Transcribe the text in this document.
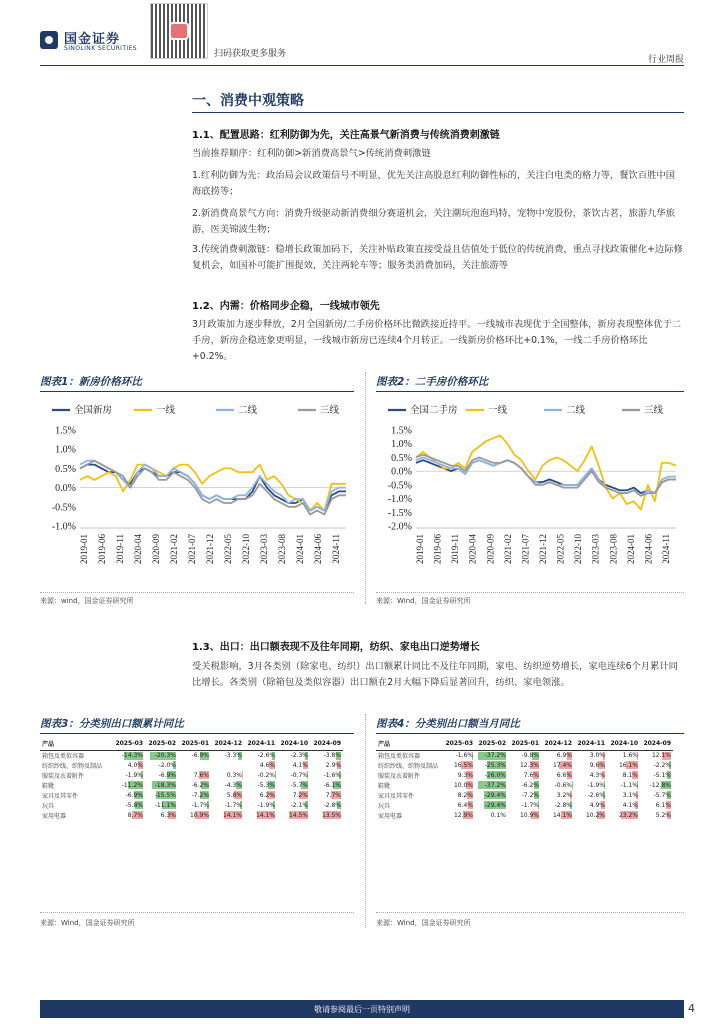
国金证券
SINOLINK SECURITIES
扫码获取更多服务
行业周报
一、消费中观策略
1.1、配置思路：红利防御为先，关注高景气新消费与传统消费刺激链
当前推荐顺序：红利防御>新消费高景气>传统消费刺激链
1.红利防御为先：政治局会议政策信号不明显，优先关注高股息红利防御性标的，关注白电类的格力等，餐饮百胜中国海底捞等；
2.新消费高景气方向：消费升级驱动新消费细分赛道机会，关注潮玩泡泡玛特，宠物中宠股份，茶饮古茗，旅游九华旅游，医美锦波生物；
3.传统消费刺激链：稳增长政策加码下，关注补贴政策直接受益且估值处于低位的传统消费，重点寻找政策催化+边际修复机会，如国补可能扩围提效，关注两轮车等；服务类消费加码，关注旅游等
1.2、内需：价格同步企稳，一线城市领先
3月政策加力逐步释放，2月全国新房/二手房价格环比微跌接近持平。一线城市表现优于全国整体，新房表现整体优于二手房，新房企稳迹象更明显，一线城市新房已连续4个月转正。一线新房价格环比+0.1%，一线二手房价格环比+0.2%。
图表1：新房价格环比
全国新房	一线	二线	三线
1.5%
1.0%
0.5%
0.0%
-0.5%
-1.0%
2019-01 2019-06 2019-11 2020-04 2020-09 2021-02 2021-07 2021-12 2022-05 2022-10 2023-03 2023-08 2024-01 2024-06 2024-11
来源：wind，国金证券研究所
图表2：二手房价格环比
全国二手房	一线	二线	三线
1.5%
1.0%
0.5%
0.0%
-0.5%
-1.0%
-1.5%
-2.0%
2019-01 2019-06 2019-11 2020-04 2020-09 2021-02 2021-07 2021-12 2022-05 2022-10 2023-03 2023-08 2024-01 2024-06 2024-11
来源：Wind，国金证券研究所
1.3、出口：出口额表现不及往年同期，纺织、家电出口逆势增长
受关税影响，3月各类别（除家电、纺织）出口额累计同比不及往年同期，家电、纺织逆势增长，家电连续6个月累计同比增长。各类别（除箱包及类似容器）出口额在2月大幅下降后显著回升，纺织、家电领涨。
图表3：分类别出口额累计同比
产品	2025-03	2025-02	2025-01	2024-12	2024-11	2024-10	2024-09
箱包及类似容器	-14.3%	-20.3%	-6.9%	-3.3%	-2.6%	-2.3%	-3.8%
纺织纱线、织物及制品	4.0%	-2.0%			4.6%	4.1%	2.9%
服装及衣着附件	-1.9%	-6.9%	7.6%	0.3%	-0.2%	-0.7%	-1.6%
鞋靴	-11.2%	-18.3%	-6.2%	-4.3%	-5.3%	-5.7%	-6.1%
家具及其零件	-6.9%	-15.5%	-7.2%	5.8%	6.2%	7.2%	7.7%
玩具	-5.8%	-11.1%	-1.7%	-1.7%	-1.9%	-2.1%	-2.8%
家用电器	8.7%	6.3%	10.9%	14.1%	14.1%	14.5%	13.5%
来源：Wind，国金证券研究所
图表4：分类别出口额当月同比
产品	2025-03	2025-02	2025-01	2024-12	2024-11	2024-10	2024-09
箱包及类似容器	-1.6%	-37.2%	-9.8%	6.9%	3.0%	1.6%	12.1%
纺织纱线、织物及制品	16.5%	-25.3%	12.3%	17.4%	9.6%	16.1%	-2.2%
服装及衣着附件	9.3%	-26.0%	7.6%	6.6%	4.3%	8.1%	-5.1%
鞋靴	10.0%	-37.2%	-6.2%	-0.6%	-1.9%	-1.1%	-12.8%
家具及其零件	8.2%	-29.4%	-7.2%	3.2%	-2.6%	3.1%	-5.7%
玩具	6.4%	-29.4%	-1.7%	-2.8%	4.9%	4.1%	6.1%
家用电器	12.9%	0.1%	10.9%	14.1%	10.2%	23.2%	5.2%
来源：Wind，国金证券研究所
敬请参阅最后一页特别声明	4
